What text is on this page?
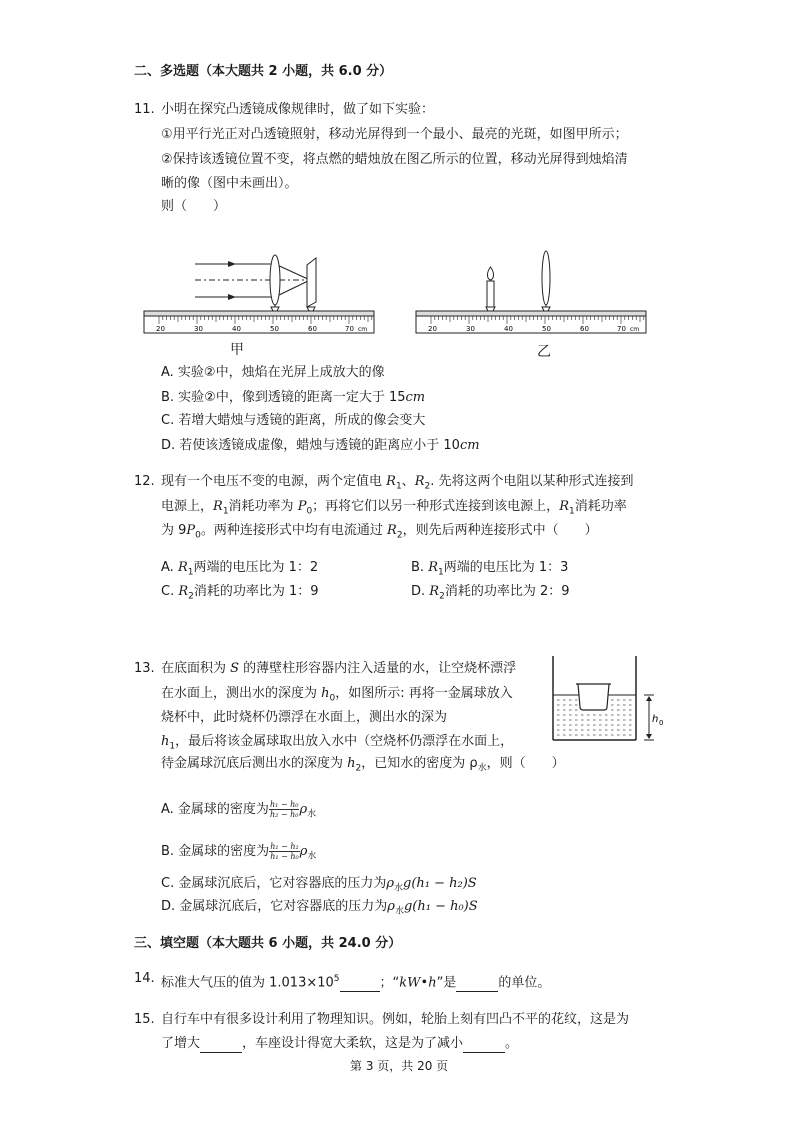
二、多选题（本大题共 2 小题，共 6.0 分）
11. 小明在探究凸透镜成像规律时，做了如下实验：
①用平行光正对凸透镜照射，移动光屏得到一个最小、最亮的光斑，如图甲所示；
②保持该透镜位置不变，将点燃的蜡烛放在图乙所示的位置，移动光屏得到烛焰清
晰的像（图中未画出）。
则（　　）
20	30	40	50	60	70 cm
甲
20	30	40	50	60	70 cm
乙
A. 实验②中，烛焰在光屏上成放大的像
B. 实验②中，像到透镜的距离一定大于 15cm
C. 若增大蜡烛与透镜的距离，所成的像会变大
D. 若使该透镜成虚像，蜡烛与透镜的距离应小于 10cm
12. 现有一个电压不变的电源，两个定值电 $R_1$、$R_2$. 先将这两个电阻以某种形式连接到
电源上，$R_1$消耗功率为 $P_0$；再将它们以另一种形式连接到该电源上，$R_1$消耗功率
为 $9P_0$。两种连接形式中均有电流通过 $R_2$，则先后两种连接形式中（　　）
A. $R_1$两端的电压比为 1：2	B. $R_1$两端的电压比为 1：3
C. $R_2$消耗的功率比为 1：9	D. $R_2$消耗的功率比为 2：9
13. 在底面积为 S 的薄壁柱形容器内注入适量的水，让空烧杯漂浮
在水面上，测出水的深度为 $h_0$，如图所示: 再将一金属球放入
烧杯中，此时烧杯仍漂浮在水面上，测出水的深为
$h_1$，最后将该金属球取出放入水中（空烧杯仍漂浮在水面上，
待金属球沉底后测出水的深度为 $h_2$，已知水的密度为 $\rho_水$，则（　　）
h 0
A. 金属球的密度为 $\frac{\text{h₁ − h₀}}{\text{h₂ − h₀}} \rho_水$
B. 金属球的密度为 $\frac{\text{h₁ − h₂}}{\text{h₁ − h₀}} \rho_水$
C. 金属球沉底后，它对容器底的压力为$\rho_水g(h_1 - h_2)S$
D. 金属球沉底后，它对容器底的压力为$\rho_水g(h_1 - h_0)S$
三、填空题（本大题共 6 小题，共 24.0 分）
14. 标准大气压的值为 $1.013\times 10^5$	；“kW•h”是	的单位。
15. 自行车中有很多设计利用了物理知识。例如，轮胎上刻有凹凸不平的花纹，这是为
了增大	，车座设计得宽大柔软，这是为了减小	。
第 3 页，共 20 页
